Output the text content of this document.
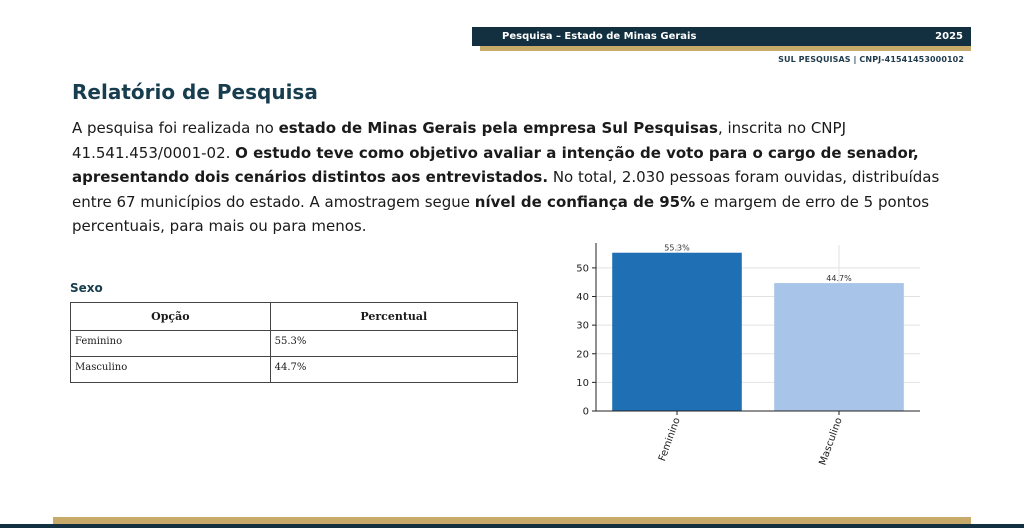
Pesquisa – Estado de Minas Gerais	2025
SUL PESQUISAS | CNPJ-41541453000102
Relatório de Pesquisa

A pesquisa foi realizada no estado de Minas Gerais pela empresa Sul Pesquisas, inscrita no CNPJ 41.541.453/0001-02. O estudo teve como objetivo avaliar a intenção de voto para o cargo de senador, apresentando dois cenários distintos aos entrevistados. No total, 2.030 pessoas foram ouvidas, distribuídas entre 67 municípios do estado. A amostragem segue nível de confiança de 95% e margem de erro de 5 pontos percentuais, para mais ou para menos.

Sexo
Opção	Percentual
Feminino	55.3%
Masculino	44.7%
0
10
20
30
40
50
55.3%
44.7%
Feminino	Masculino
